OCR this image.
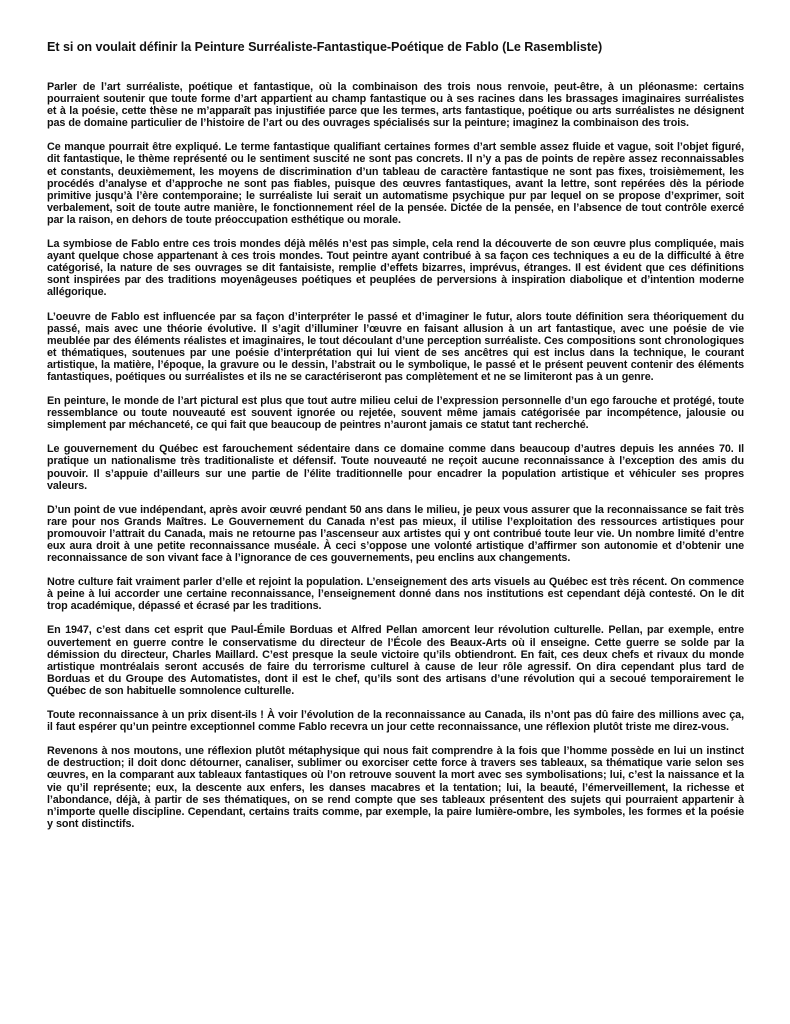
Et si on voulait définir la Peinture Surréaliste-Fantastique-Poétique de Fablo (Le Rasembliste)

Parler de l’art surréaliste, poétique et fantastique, où la combinaison des trois nous renvoie, peut-être, à un pléonasme: certains pourraient soutenir que toute forme d’art appartient au champ fantastique ou à ses racines dans les brassages imaginaires surréalistes et à la poésie, cette thèse ne m’apparaît pas injustifiée parce que les termes, arts fantastique, poétique ou arts surréalistes ne désignent pas de domaine particulier de l’histoire de l’art ou des ouvrages spécialisés sur la peinture; imaginez la combinaison des trois.

Ce manque pourrait être expliqué. Le terme fantastique qualifiant certaines formes d’art semble assez fluide et vague, soit l’objet figuré, dit fantastique, le thème représenté ou le sentiment suscité ne sont pas concrets. Il n’y a pas de points de repère assez reconnaissables et constants, deuxièmement, les moyens de discrimination d’un tableau de caractère fantastique ne sont pas fixes, troisièmement, les procédés d’analyse et d’approche ne sont pas fiables, puisque des œuvres fantastiques, avant la lettre, sont repérées dès la période primitive jusqu’à l’ère contemporaine; le surréaliste lui serait un automatisme psychique pur par lequel on se propose d’exprimer, soit verbalement, soit de toute autre manière, le fonctionnement réel de la pensée. Dictée de la pensée, en l’absence de tout contrôle exercé par la raison, en dehors de toute préoccupation esthétique ou morale.

La symbiose de Fablo entre ces trois mondes déjà mêlés n’est pas simple, cela rend la découverte de son œuvre plus compliquée, mais ayant quelque chose appartenant à ces trois mondes. Tout peintre ayant contribué à sa façon ces techniques a eu de la difficulté à être catégorisé, la nature de ses ouvrages se dit fantaisiste, remplie d’effets bizarres, imprévus, étranges. Il est évident que ces définitions sont inspirées par des traditions moyenâgeuses poétiques et peuplées de perversions à inspiration diabolique et d’intention moderne allégorique.

L’oeuvre de Fablo est influencée par sa façon d’interpréter le passé et d’imaginer le futur, alors toute définition sera théoriquement du passé, mais avec une théorie évolutive. Il s’agit d’illuminer l’œuvre en faisant allusion à un art fantastique, avec une poésie de vie meublée par des éléments réalistes et imaginaires, le tout découlant d’une perception surréaliste. Ces compositions sont chronologiques et thématiques, soutenues par une poésie d’interprétation qui lui vient de ses ancêtres qui est inclus dans la technique, le courant artistique, la matière, l’époque, la gravure ou le dessin, l’abstrait ou le symbolique, le passé et le présent peuvent contenir des éléments fantastiques, poétiques ou surréalistes et ils ne se caractériseront pas complètement et ne se limiteront pas à un genre.

En peinture, le monde de l’art pictural est plus que tout autre milieu celui de l’expression personnelle d’un ego farouche et protégé, toute ressemblance ou toute nouveauté est souvent ignorée ou rejetée, souvent même jamais catégorisée par incompétence, jalousie ou simplement par méchanceté, ce qui fait que beaucoup de peintres n’auront jamais ce statut tant recherché.

Le gouvernement du Québec est farouchement sédentaire dans ce domaine comme dans beaucoup d’autres depuis les années 70. Il pratique un nationalisme très traditionaliste et défensif. Toute nouveauté ne reçoit aucune reconnaissance à l’exception des amis du pouvoir. Il s’appuie d’ailleurs sur une partie de l’élite traditionnelle pour encadrer la population artistique et véhiculer ses propres valeurs.

D’un point de vue indépendant, après avoir œuvré pendant 50 ans dans le milieu, je peux vous assurer que la reconnaissance se fait très rare pour nos Grands Maîtres. Le Gouvernement du Canada n’est pas mieux, il utilise l’exploitation des ressources artistiques pour promouvoir l’attrait du Canada, mais ne retourne pas l’ascenseur aux artistes qui y ont contribué toute leur vie. Un nombre limité d’entre eux aura droit à une petite reconnaissance muséale. À ceci s’oppose une volonté artistique d’affirmer son autonomie et d’obtenir une reconnaissance de son vivant face à l’ignorance de ces gouvernements, peu enclins aux changements.

Notre culture fait vraiment parler d’elle et rejoint la population. L’enseignement des arts visuels au Québec est très récent. On commence à peine à lui accorder une certaine reconnaissance, l’enseignement donné dans nos institutions est cependant déjà contesté. On le dit trop académique, dépassé et écrasé par les traditions.

En 1947, c’est dans cet esprit que Paul-Émile Borduas et Alfred Pellan amorcent leur révolution culturelle. Pellan, par exemple, entre ouvertement en guerre contre le conservatisme du directeur de l’École des Beaux-Arts où il enseigne. Cette guerre se solde par la démission du directeur, Charles Maillard. C’est presque la seule victoire qu’ils obtiendront. En fait, ces deux chefs et rivaux du monde artistique montréalais seront accusés de faire du terrorisme culturel à cause de leur rôle agressif. On dira cependant plus tard de Borduas et du Groupe des Automatistes, dont il est le chef, qu’ils sont des artisans d’une révolution qui a secoué temporairement le Québec de son habituelle somnolence culturelle.

Toute reconnaissance à un prix disent-ils ! À voir l’évolution de la reconnaissance au Canada, ils n’ont pas dû faire des millions avec ça, il faut espérer qu’un peintre exceptionnel comme Fablo recevra un jour cette reconnaissance, une réflexion plutôt triste me direz-vous.

Revenons à nos moutons, une réflexion plutôt métaphysique qui nous fait comprendre à la fois que l’homme possède en lui un instinct de destruction; il doit donc détourner, canaliser, sublimer ou exorciser cette force à travers ses tableaux, sa thématique varie selon ses œuvres, en la comparant aux tableaux fantastiques où l’on retrouve souvent la mort avec ses symbolisations; lui, c’est la naissance et la vie qu’il représente; eux, la descente aux enfers, les danses macabres et la tentation; lui, la beauté, l’émerveillement, la richesse et l’abondance, déjà, à partir de ses thématiques, on se rend compte que ses tableaux présentent des sujets qui pourraient appartenir à n’importe quelle discipline. Cependant, certains traits comme, par exemple, la paire lumière-ombre, les symboles, les formes et la poésie y sont distinctifs.
